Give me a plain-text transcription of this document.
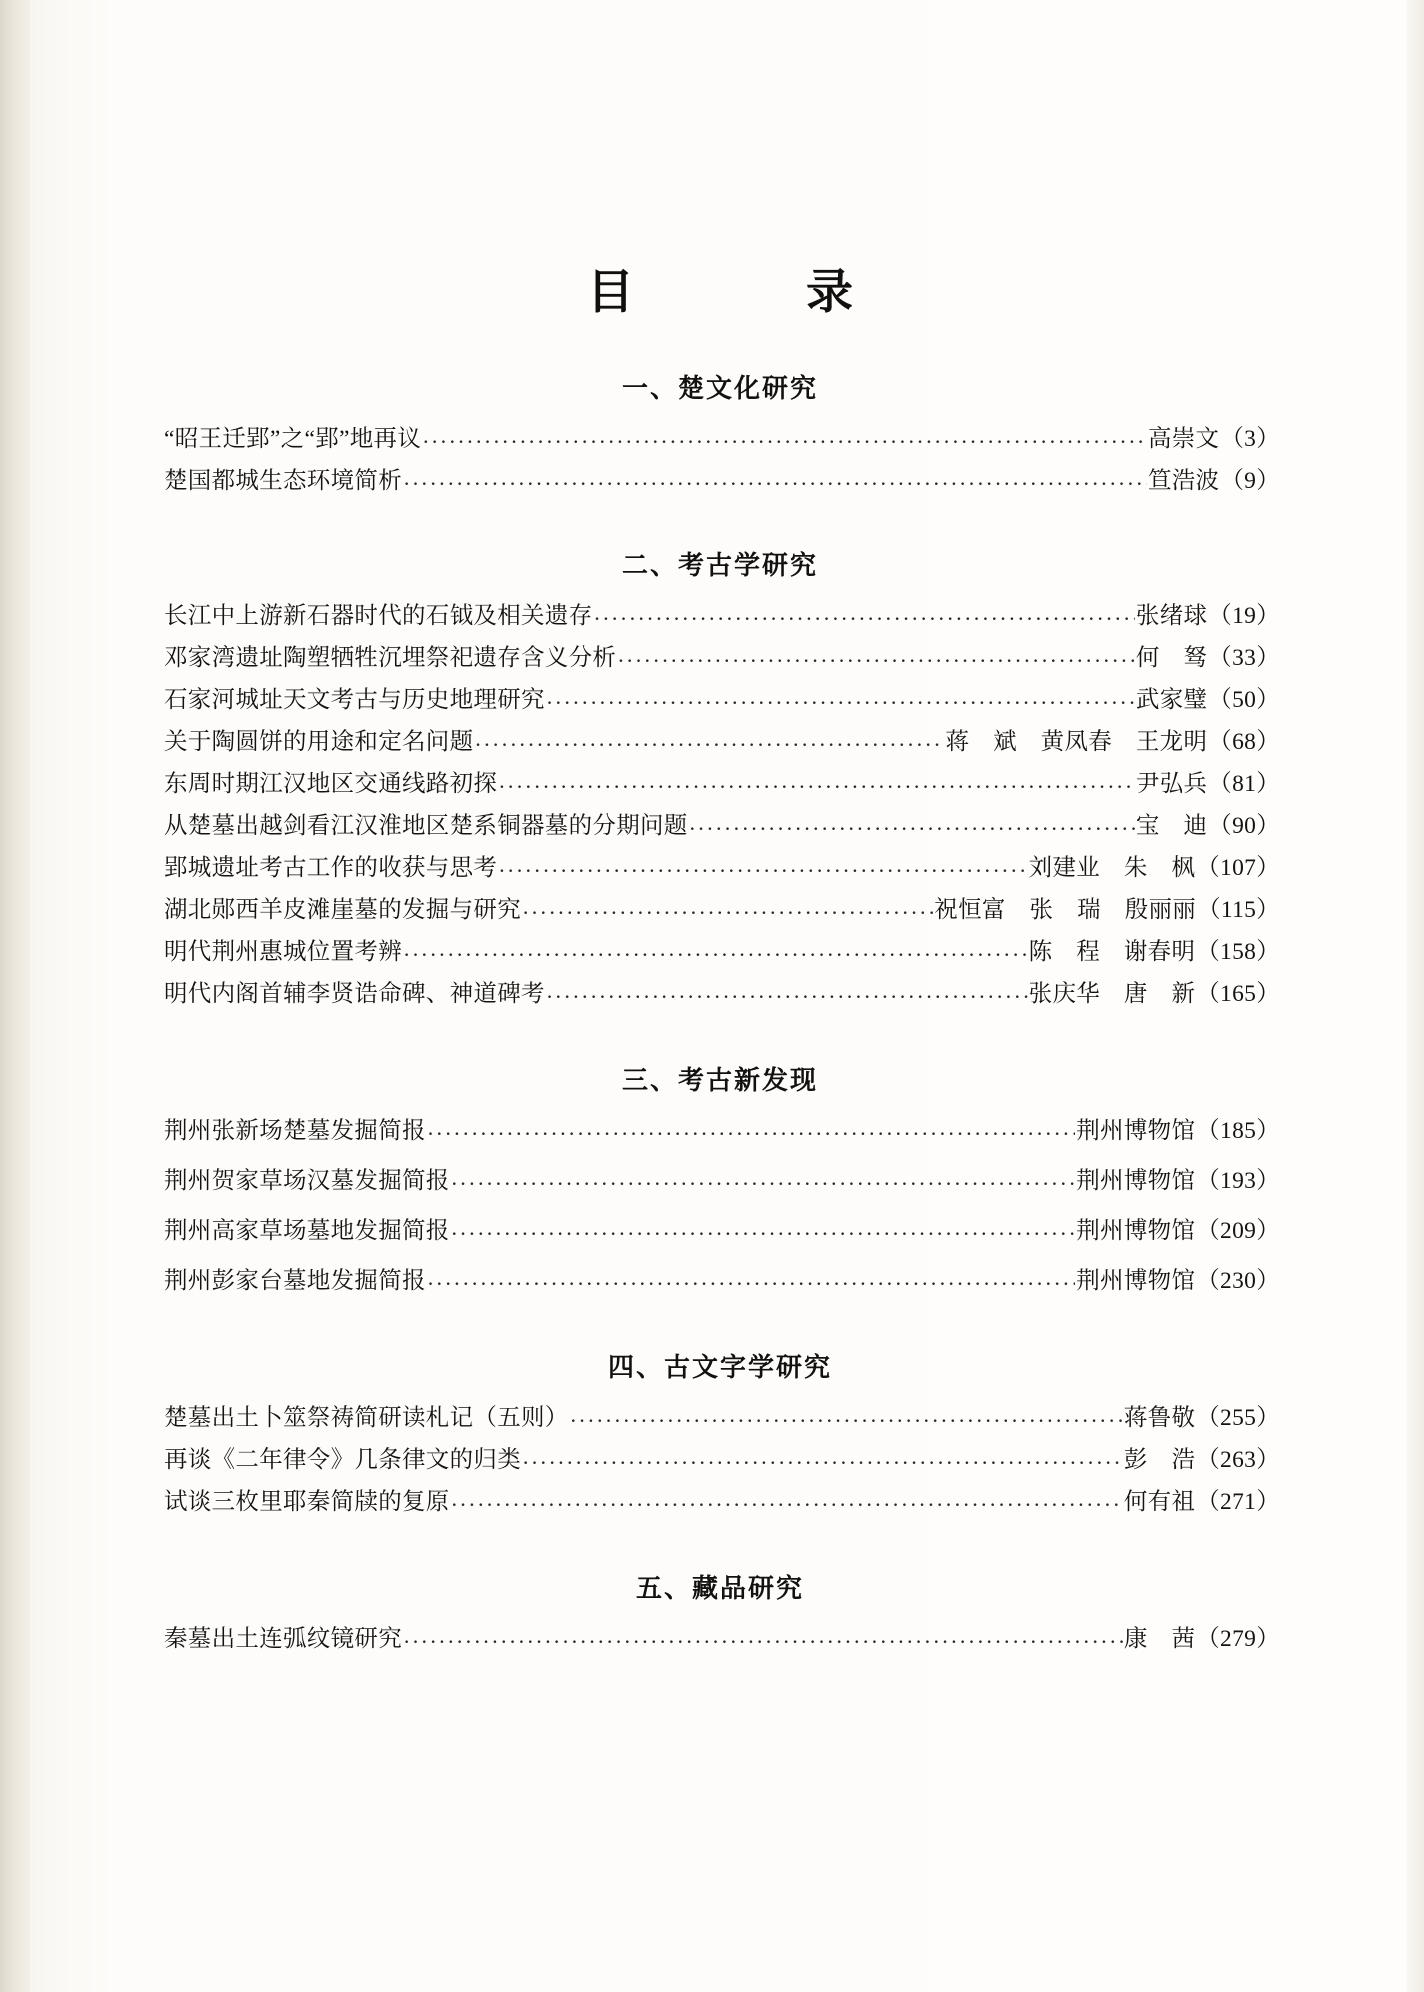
目　　录
一、楚文化研究
“昭王迁郢”之“郢”地再议 ·····	高崇文 （3）
楚国都城生态环境简析 ·····	笪浩波 （9）
二、考古学研究
长江中上游新石器时代的石钺及相关遗存 ·····	张绪球 （19）
邓家湾遗址陶塑牺牲沉埋祭祀遗存含义分析 ·····	何　驽 （33）
石家河城址天文考古与历史地理研究 ·····	武家璧 （50）
关于陶圆饼的用途和定名问题 ·····	蒋　斌　黄凤春　王龙明 （68）
东周时期江汉地区交通线路初探 ·····	尹弘兵 （81）
从楚墓出越剑看江汉淮地区楚系铜器墓的分期问题 ·····	宝　迪 （90）
郢城遗址考古工作的收获与思考 ·····	刘建业　朱　枫 （107）
湖北郧西羊皮滩崖墓的发掘与研究 ·····	祝恒富　张　瑞　殷丽丽 （115）
明代荆州惠城位置考辨 ·····	陈　程　谢春明 （158）
明代内阁首辅李贤诰命碑、神道碑考 ·····	张庆华　唐　新 （165）
三、考古新发现
荆州张新场楚墓发掘简报 ·····	荆州博物馆 （185）
荆州贺家草场汉墓发掘简报 ·····	荆州博物馆 （193）
荆州高家草场墓地发掘简报 ·····	荆州博物馆 （209）
荆州彭家台墓地发掘简报 ·····	荆州博物馆 （230）
四、古文字学研究
楚墓出土卜筮祭祷简研读札记（五则） ·····	蒋鲁敬 （255）
再谈《二年律令》几条律文的归类 ·····	彭　浩 （263）
试谈三枚里耶秦简牍的复原 ·····	何有祖 （271）
五、藏品研究
秦墓出土连弧纹镜研究 ·····	康　茜 （279）
